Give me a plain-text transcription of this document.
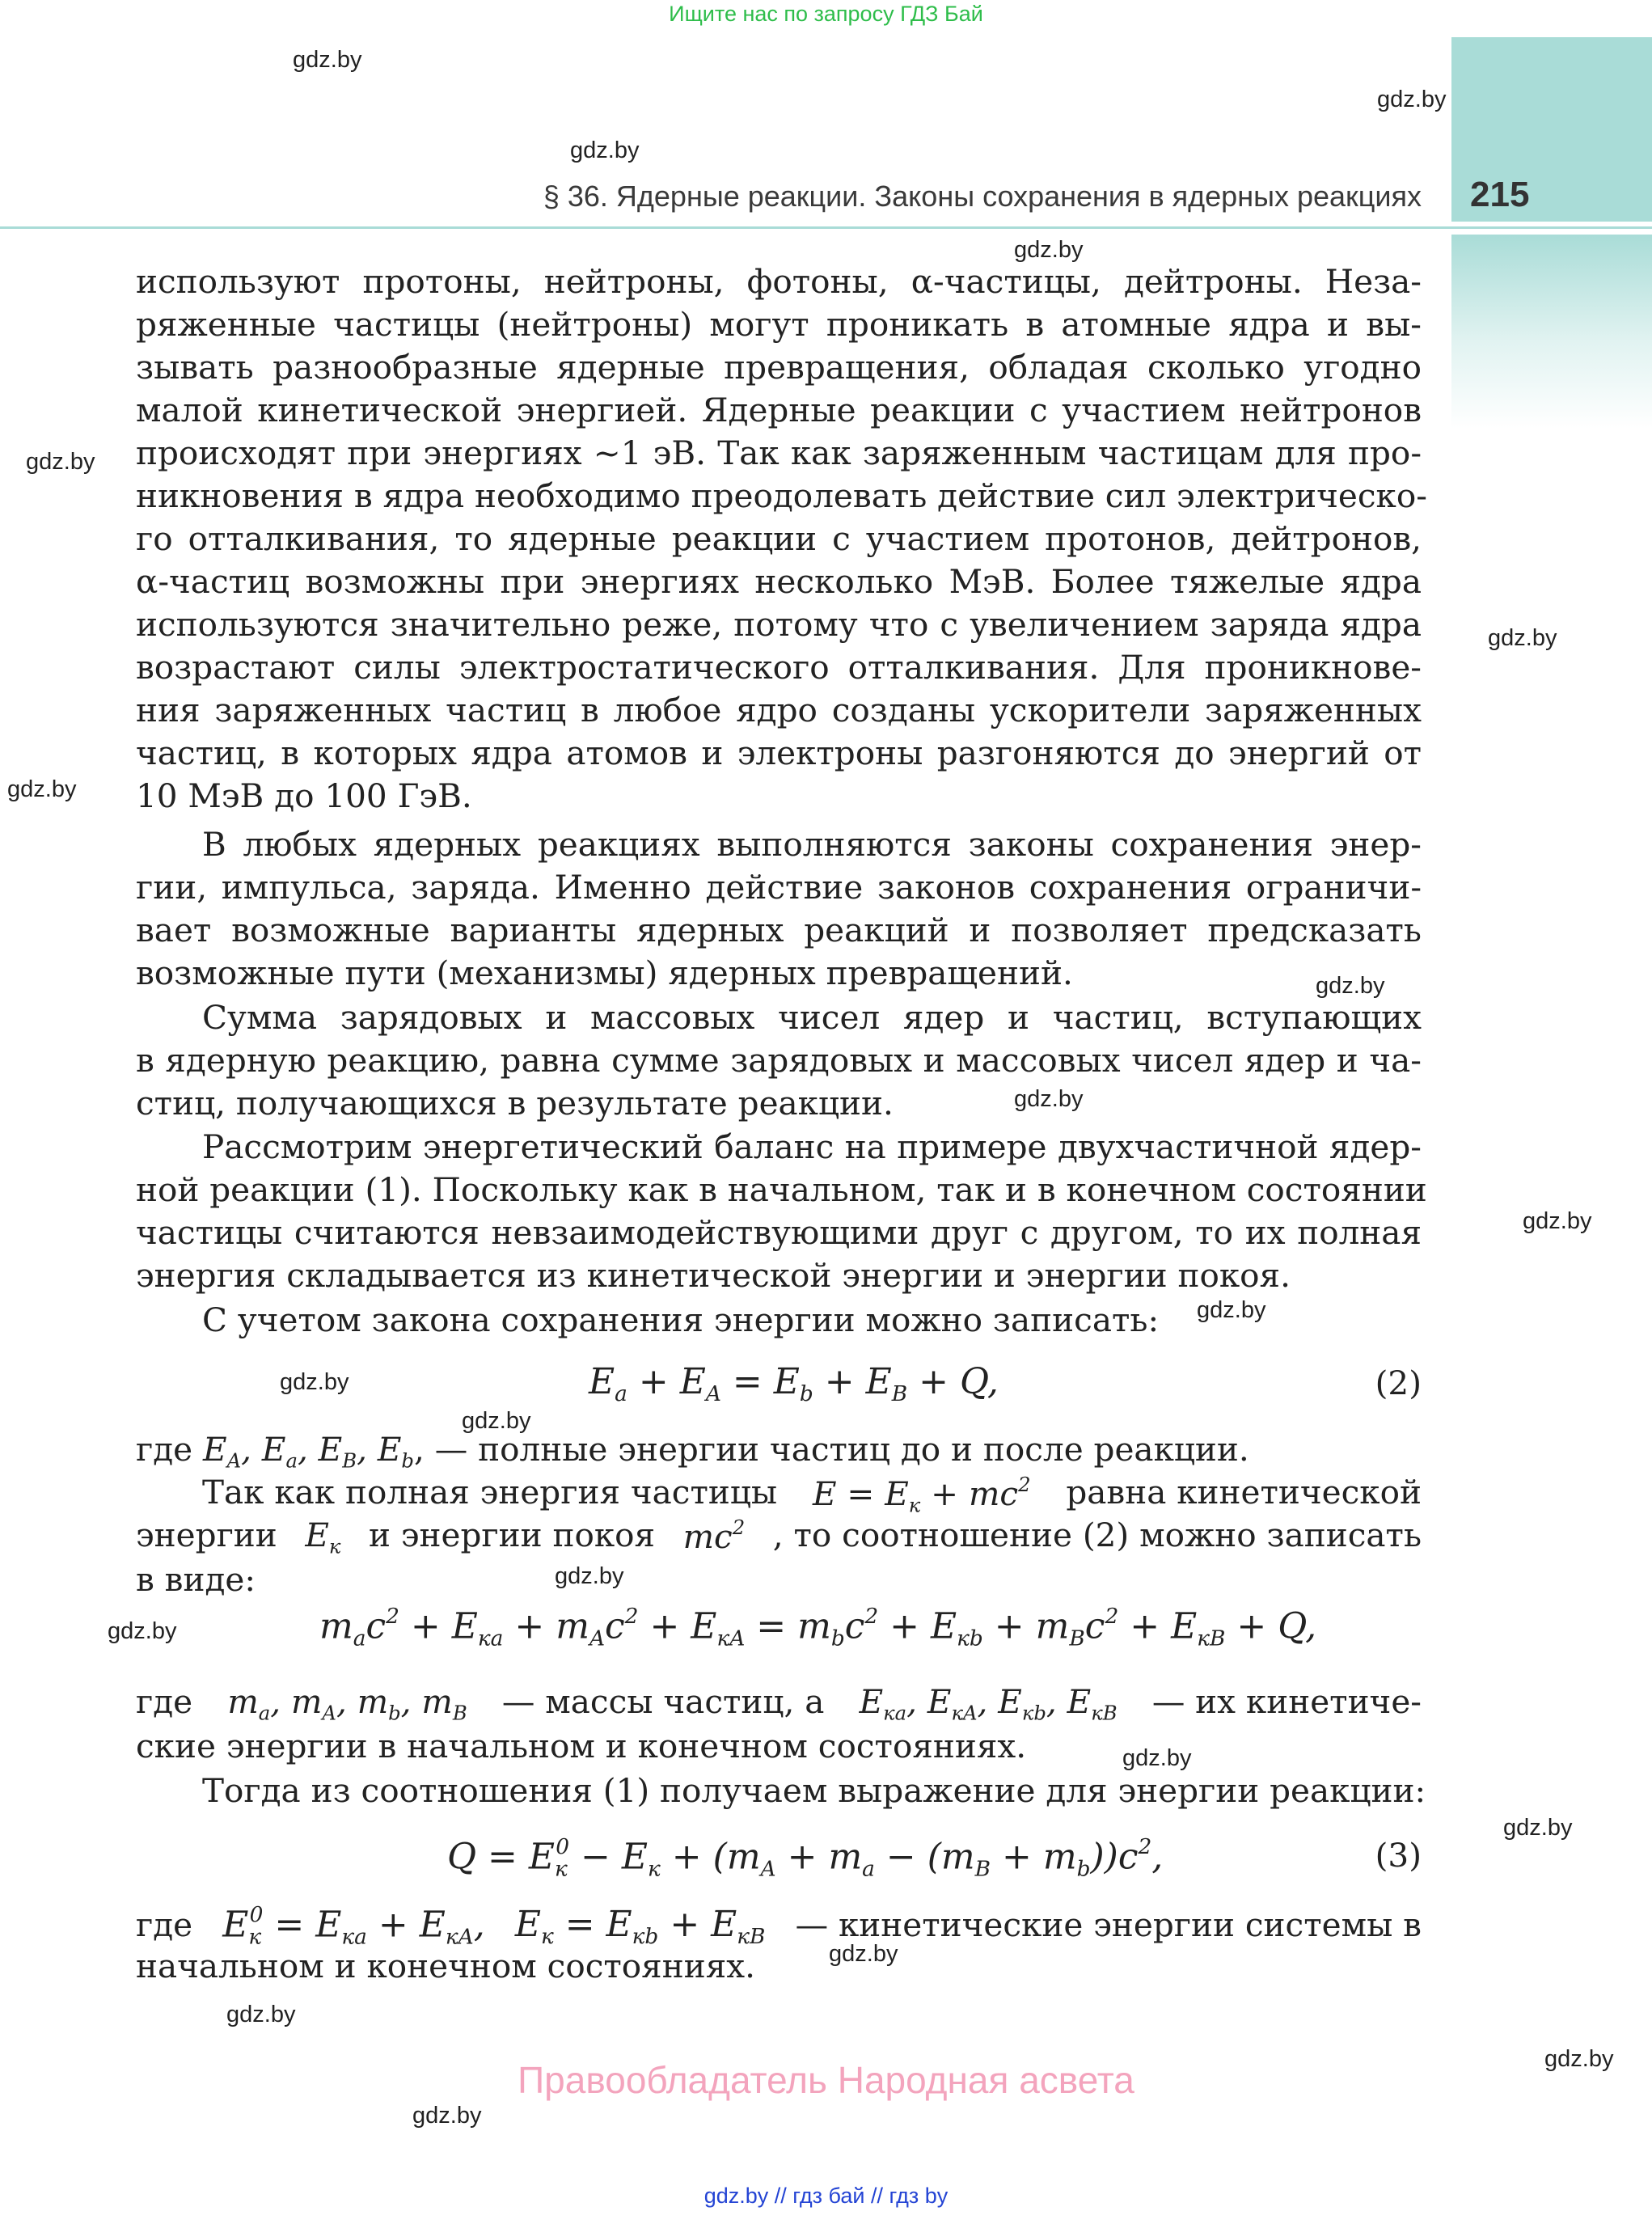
Ищите нас по запросу ГДЗ Бай
§ 36. Ядерные реакции. Законы сохранения в ядерных реакциях 215
используют протоны, нейтроны, фотоны, α-частицы, дейтроны. Неза-
ряженные частицы (нейтроны) могут проникать в атомные ядра и вы-
зывать разнообразные ядерные превращения, обладая сколько угодно
малой кинетической энергией. Ядерные реакции с участием нейтронов
происходят при энергиях ~1 эВ. Так как заряженным частицам для про-
никновения в ядра необходимо преодолевать действие сил электрическо-
го отталкивания, то ядерные реакции с участием протонов, дейтронов,
α-частиц возможны при энергиях несколько МэВ. Более тяжелые ядра
используются значительно реже, потому что с увеличением заряда ядра
возрастают силы электростатического отталкивания. Для проникнове-
ния заряженных частиц в любое ядро созданы ускорители заряженных
частиц, в которых ядра атомов и электроны разгоняются до энергий от
10 МэВ до 100 ГэВ.
В любых ядерных реакциях выполняются законы сохранения энер-
гии, импульса, заряда. Именно действие законов сохранения ограничи-
вает возможные варианты ядерных реакций и позволяет предсказать
возможные пути (механизмы) ядерных превращений.
Сумма зарядовых и массовых чисел ядер и частиц, вступающих
в ядерную реакцию, равна сумме зарядовых и массовых чисел ядер и ча-
стиц, получающихся в результате реакции.
Рассмотрим энергетический баланс на примере двухчастичной ядер-
ной реакции (1). Поскольку как в начальном, так и в конечном состоянии
частицы считаются невзаимодействующими друг с другом, то их полная
энергия складывается из кинетической энергии и энергии покоя.
С учетом закона сохранения энергии можно записать:
$E_a + E_A = E_b + E_B + Q$,	(2)
где $E_A$, $E_a$, $E_B$, $E_b$, — полные энергии частиц до и после реакции.
Так как полная энергия частицы $E = E_к + mc^2$ равна кинетической
энергии $E_к$ и энергии покоя $mc^2$ , то соотношение (2) можно записать
в виде:
$m_ac^2 + E_{кa} + m_Ac^2 + E_{кA} = m_bc^2 + E_{кb} + m_Bc^2 + E_{кB} + Q$,
где $m_a$, $m_A$, $m_b$, $m_B$ — массы частиц, а $E_{кa}$, $E_{кA}$, $E_{кb}$, $E_{кB}$ — их кинетиче-
ские энергии в начальном и конечном состояниях.
Тогда из соотношения (1) получаем выражение для энергии реакции:
$Q = E_к^0 - E_к + (m_A + m_a - (m_B + m_b))c^2$,	(3)
где $E_к^0 = E_{кa} + E_{кA}$, $E_к = E_{кb} + E_{кB}$ — кинетические энергии системы в
начальном и конечном состояниях.
Правообладатель Народная асвета
gdz.by // гдз бай // гдз by
gdz.by
gdz.by
gdz.by
gdz.by
gdz.by
gdz.by
gdz.by
gdz.by
gdz.by
gdz.by
gdz.by
gdz.by
gdz.by
gdz.by
gdz.by
gdz.by
gdz.by
gdz.by
gdz.by
gdz.by
gdz.by
